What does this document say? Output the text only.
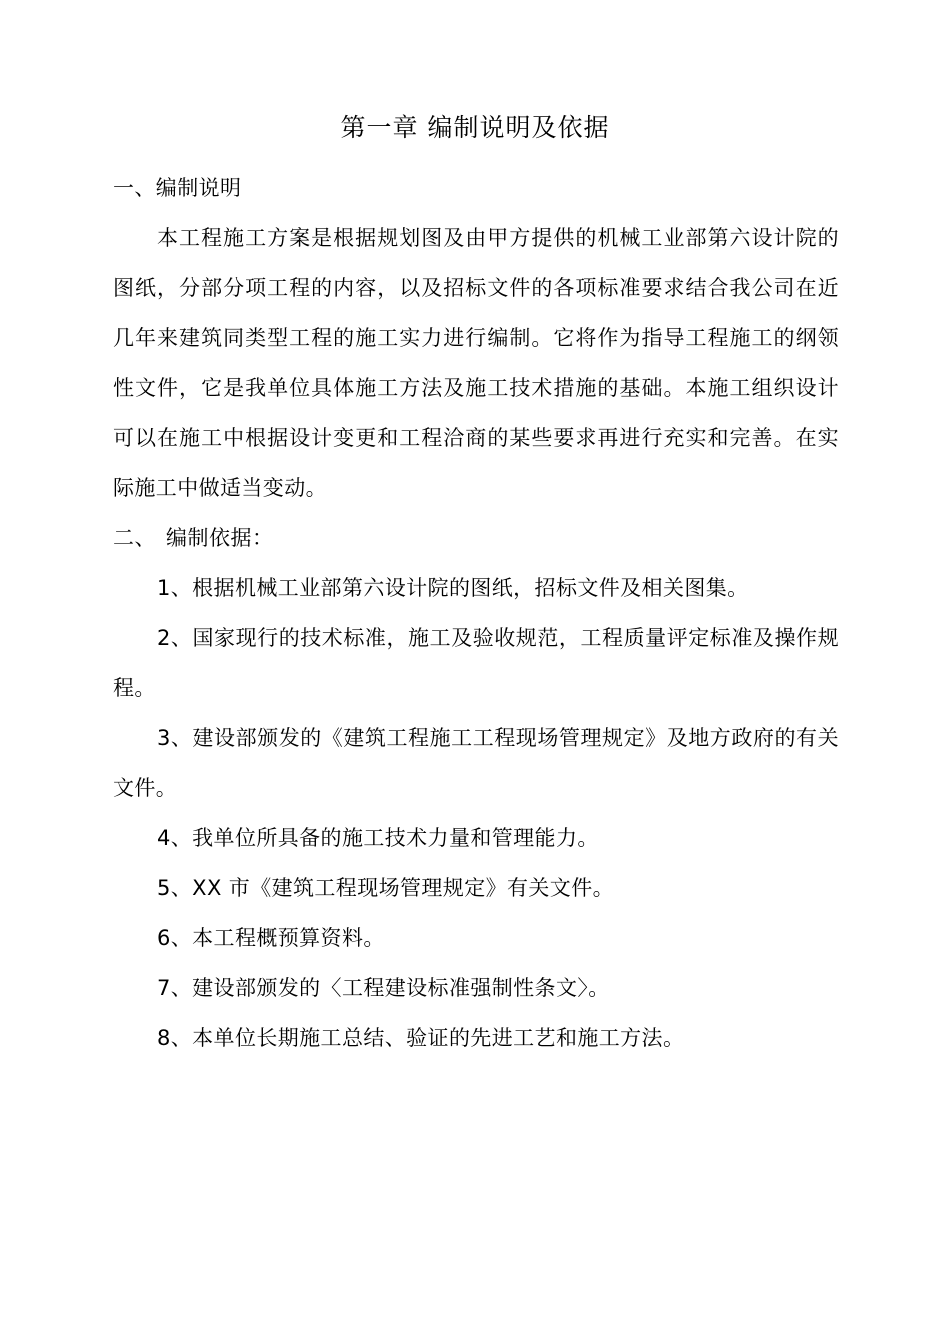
第一章 编制说明及依据

一、编制说明

本工程施工方案是根据规划图及由甲方提供的机械工业部第六设计院的图纸，分部分项工程的内容，以及招标文件的各项标准要求结合我公司在近几年来建筑同类型工程的施工实力进行编制。它将作为指导工程施工的纲领性文件，它是我单位具体施工方法及施工技术措施的基础。本施工组织设计可以在施工中根据设计变更和工程洽商的某些要求再进行充实和完善。在实际施工中做适当变动。

二、 编制依据：

1、根据机械工业部第六设计院的图纸，招标文件及相关图集。

2、国家现行的技术标准，施工及验收规范，工程质量评定标准及操作规程。

3、建设部颁发的《建筑工程施工工程现场管理规定》及地方政府的有关文件。

4、我单位所具备的施工技术力量和管理能力。

5、XX 市《建筑工程现场管理规定》有关文件。

6、本工程概预算资料。

7、建设部颁发的〈工程建设标准强制性条文〉。

8、本单位长期施工总结、验证的先进工艺和施工方法。
